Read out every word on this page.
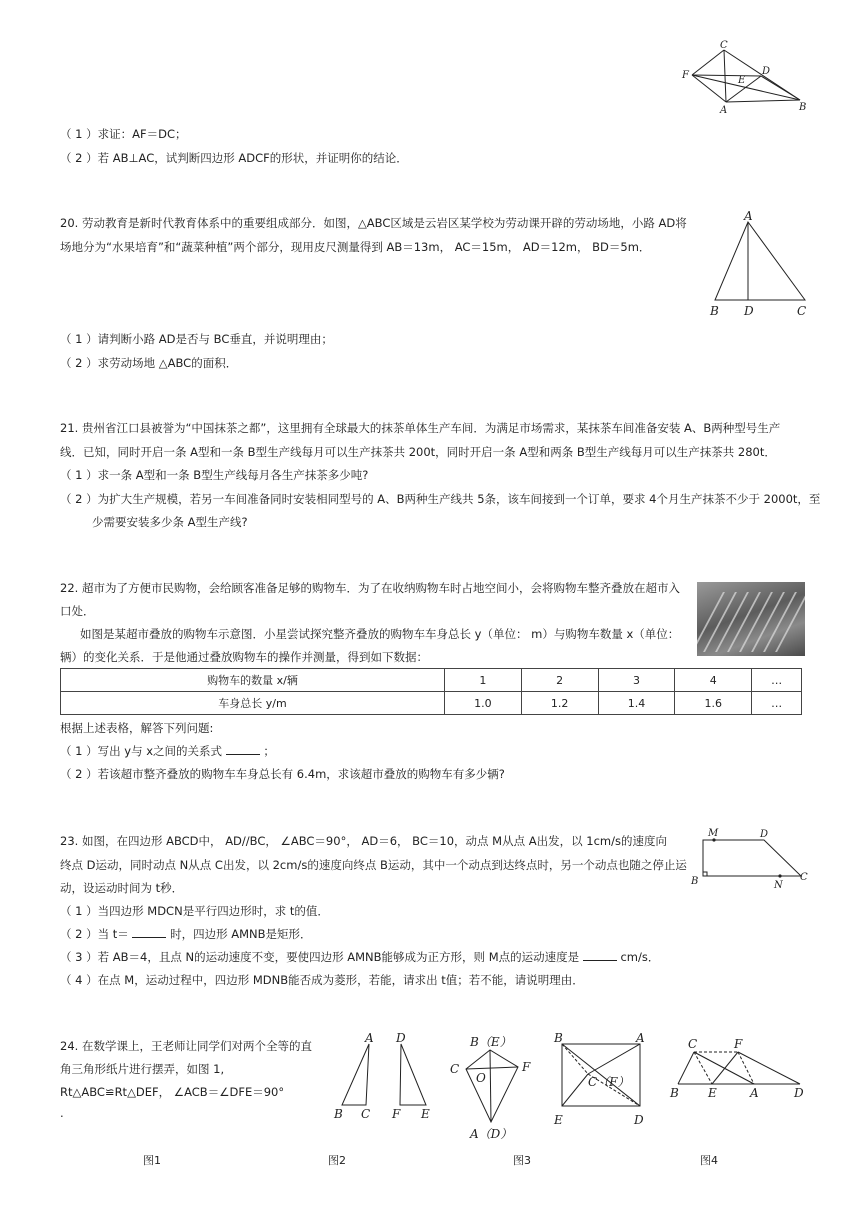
C
F	D
E
A	B
（ 1 ）求证：AF＝DC；
（ 2 ）若 AB⊥AC，试判断四边形 ADCF的形状，并证明你的结论．
20. 劳动教育是新时代教育体系中的重要组成部分．如图，△ABC区域是云岩区某学校为劳动课开辟的劳动场地，小路 AD将
场地分为“水果培育”和“蔬菜种植”两个部分，现用皮尺测量得到 AB＝13m， AC＝15m， AD＝12m， BD＝5m．
A
B D	C
（ 1 ）请判断小路 AD是否与 BC垂直，并说明理由；
（ 2 ）求劳动场地 △ABC的面积．
21. 贵州省江口县被誉为“中国抹茶之都”，这里拥有全球最大的抹茶单体生产车间．为满足市场需求，某抹茶车间准备安装 A、B两种型号生产
线．已知，同时开启一条 A型和一条 B型生产线每月可以生产抹茶共 200t，同时开启一条 A型和两条 B型生产线每月可以生产抹茶共 280t．
（ 1 ）求一条 A型和一条 B型生产线每月各生产抹茶多少吨?
（ 2 ）为扩大生产规模，若另一车间准备同时安装相同型号的 A、B两种生产线共 5条，该车间接到一个订单，要求 4个月生产抹茶不少于 2000t，至
少需要安装多少条 A型生产线?
22. 超市为了方便市民购物，会给顾客准备足够的购物车．为了在收纳购物车时占地空间小，会将购物车整齐叠放在超市入
口处．
如图是某超市叠放的购物车示意图．小星尝试探究整齐叠放的购物车车身总长 y（单位： m）与购物车数量 x（单位：
辆）的变化关系．于是他通过叠放购物车的操作并测量，得到如下数据：
购物车的数量 x/辆	1	2	3	4	…
车身总长 y/m	1.0	1.2	1.4	1.6	…
根据上述表格，解答下列问题:
（ 1 ）写出 y与 x之间的关系式	；
（ 2 ）若该超市整齐叠放的购物车车身总长有 6.4m，求该超市叠放的购物车有多少辆?
23. 如图，在四边形 ABCD中， AD//BC， ∠ABC＝90°， AD＝6， BC＝10，动点 M从点 A出发，以 1cm/s的速度向
终点 D运动，同时动点 N从点 C出发，以 2cm/s的速度向终点 B运动，其中一个动点到达终点时，另一个动点也随之停止运
动，设运动时间为 t秒．
M	D
B	N
C
（ 1 ）当四边形 MDCN是平行四边形时，求 t的值．
（ 2 ）当 t＝	时，四边形 AMNB是矩形．
（ 3 ）若 AB＝4，且点 N的运动速度不变，要使四边形 AMNB能够成为正方形，则 M点的运动速度是	cm/s．
（ 4 ）在点 M，运动过程中，四边形 MDNB能否成为菱形，若能，请求出 t值；若不能，请说明理由．
24. 在数学课上，王老师让同学们对两个全等的直
角三角形纸片进行摆弄，如图 1,
Rt△ABC≌Rt△DEF， ∠ACB＝∠DFE＝90°
.
A
B C
D
F E
B（E）
C
O
F
A（D）
B	A
C（F）
E	D
C	F
B E	A	D
图1	图2	图3	图4
